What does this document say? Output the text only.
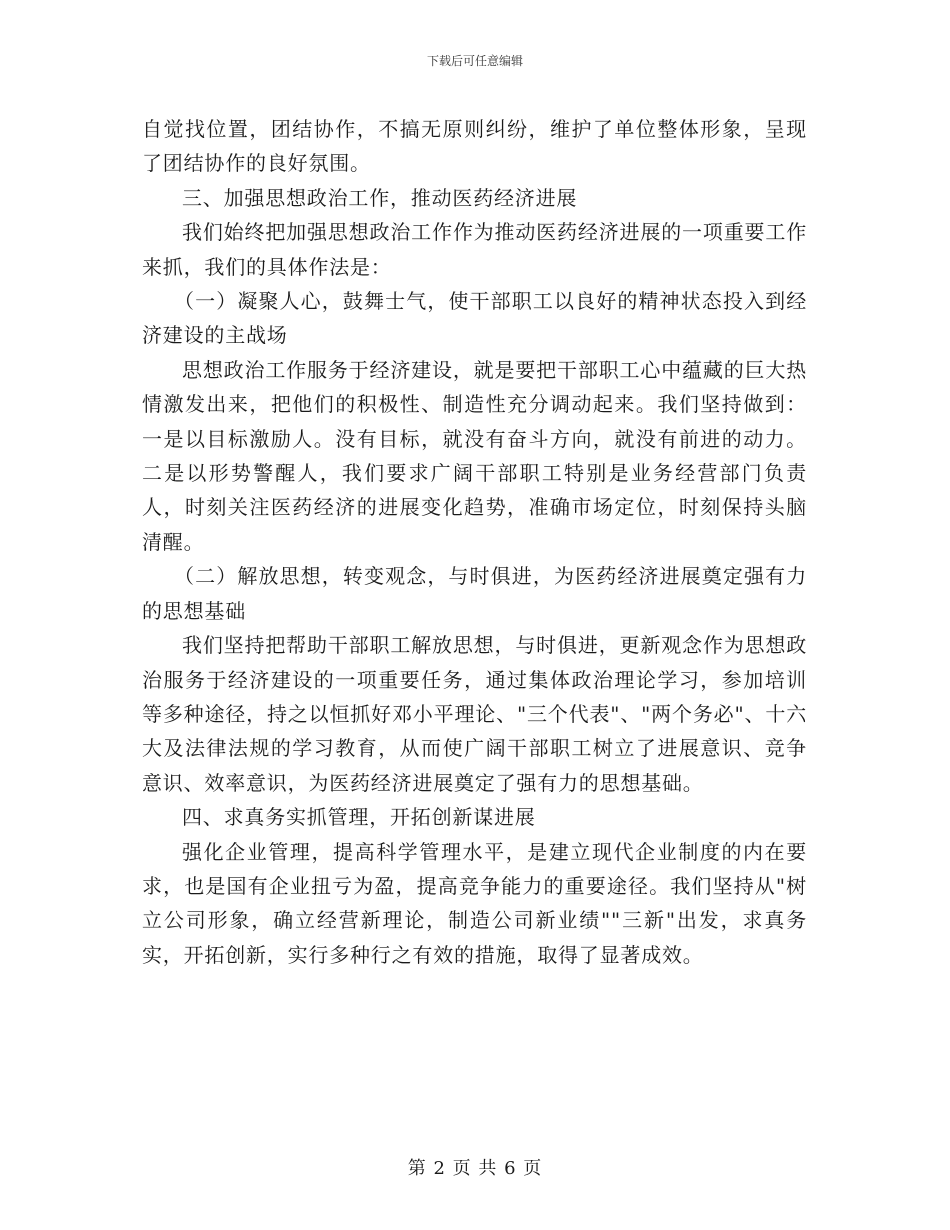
下载后可任意编辑

自觉找位置，团结协作，不搞无原则纠纷，维护了单位整体形象，呈现了团结协作的良好氛围。

三、加强思想政治工作，推动医药经济进展

我们始终把加强思想政治工作作为推动医药经济进展的一项重要工作来抓，我们的具体作法是：

（一）凝聚人心，鼓舞士气，使干部职工以良好的精神状态投入到经济建设的主战场

思想政治工作服务于经济建设，就是要把干部职工心中蕴藏的巨大热情激发出来，把他们的积极性、制造性充分调动起来。我们坚持做到：一是以目标激励人。没有目标，就没有奋斗方向，就没有前进的动力。二是以形势警醒人，我们要求广阔干部职工特别是业务经营部门负责人，时刻关注医药经济的进展变化趋势，准确市场定位，时刻保持头脑清醒。

（二）解放思想，转变观念，与时俱进，为医药经济进展奠定强有力的思想基础

我们坚持把帮助干部职工解放思想，与时俱进，更新观念作为思想政治服务于经济建设的一项重要任务，通过集体政治理论学习，参加培训等多种途径，持之以恒抓好邓小平理论、"三个代表"、"两个务必"、十六大及法律法规的学习教育，从而使广阔干部职工树立了进展意识、竞争意识、效率意识，为医药经济进展奠定了强有力的思想基础。

四、求真务实抓管理，开拓创新谋进展

强化企业管理，提高科学管理水平，是建立现代企业制度的内在要求，也是国有企业扭亏为盈，提高竞争能力的重要途径。我们坚持从"树立公司形象，确立经营新理论，制造公司新业绩""三新"出发，求真务实，开拓创新，实行多种行之有效的措施，取得了显著成效。

第 2 页 共 6 页
